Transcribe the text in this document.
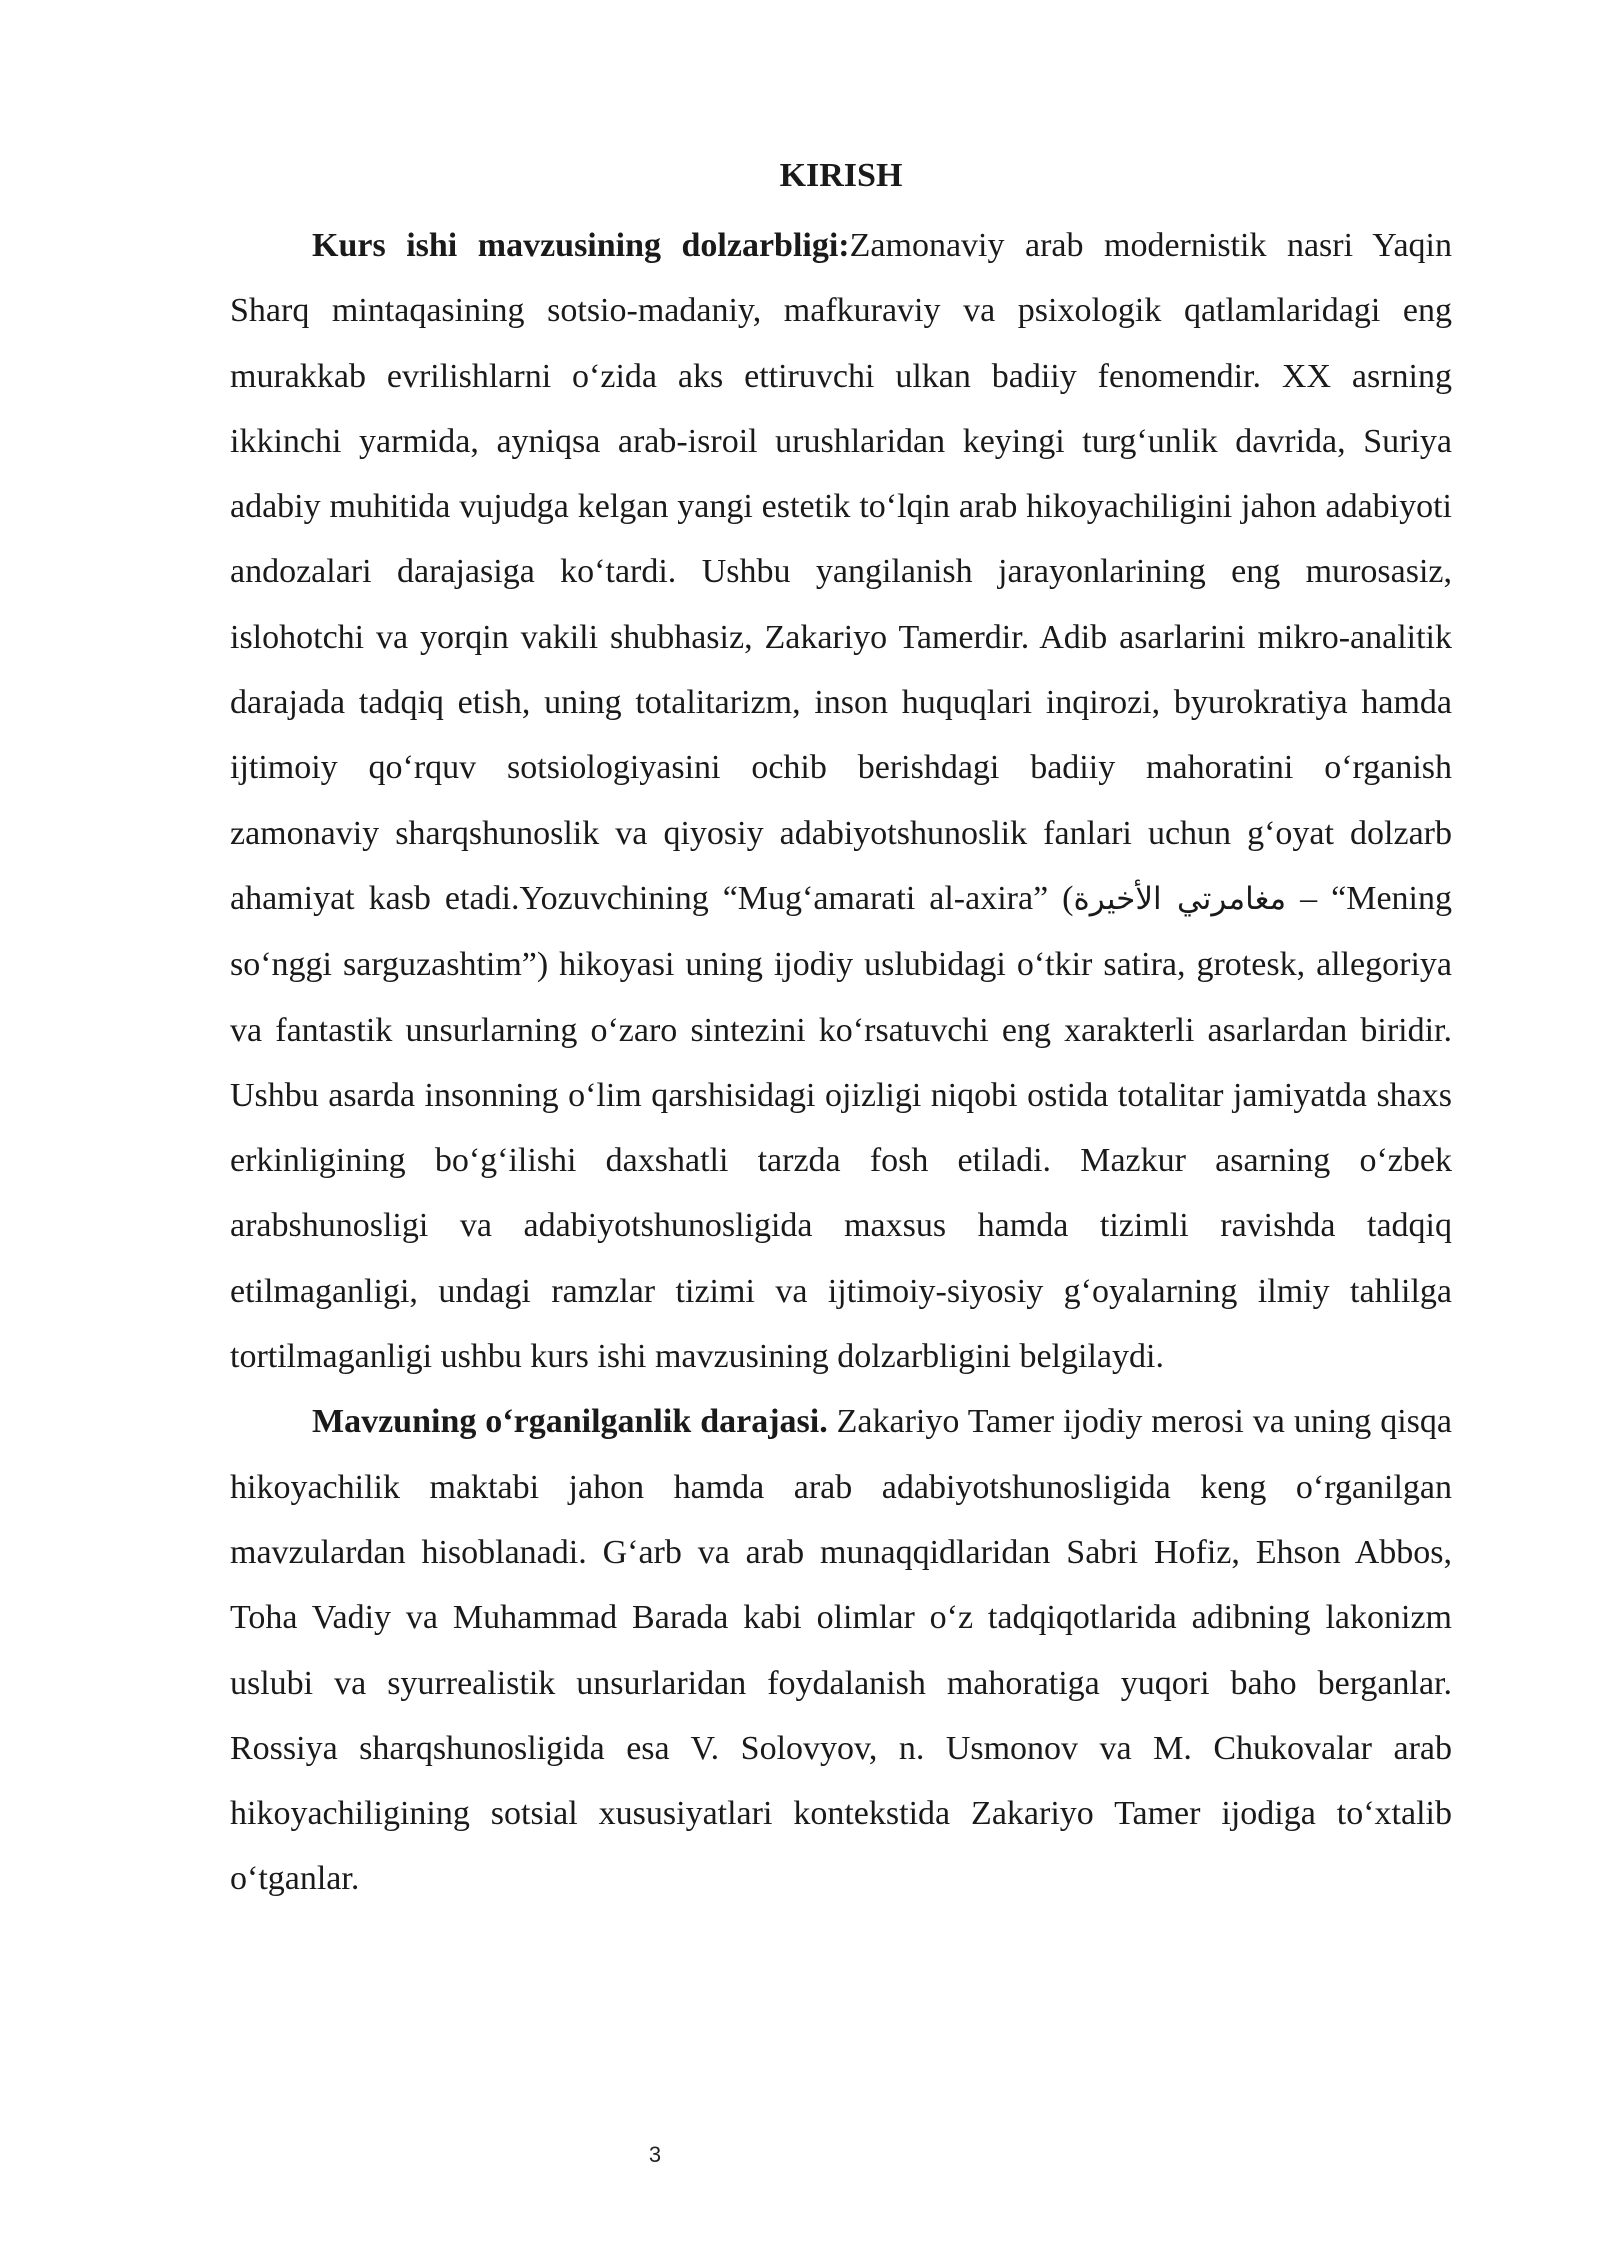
KIRISH

Kurs ishi mavzusining dolzarbligi:Zamonaviy arab modernistik nasri Yaqin Sharq mintaqasining sotsio-madaniy, mafkuraviy va psixologik qatlamlaridagi eng murakkab evrilishlarni o‘zida aks ettiruvchi ulkan badiiy fenomendir. XX asrning ikkinchi yarmida, ayniqsa arab-isroil urushlaridan keyingi turg‘unlik davrida, Suriya adabiy muhitida vujudga kelgan yangi estetik to‘lqin arab hikoyachiligini jahon adabiyoti andozalari darajasiga ko‘tardi. Ushbu yangilanish jarayonlarining eng murosasiz, islohotchi va yorqin vakili shubhasiz, Zakariyo Tamerdir. Adib asarlarini mikro-analitik darajada tadqiq etish, uning totalitarizm, inson huquqlari inqirozi, byurokratiya hamda ijtimoiy qo‘rquv sotsiologiyasini ochib berishdagi badiiy mahoratini o‘rganish zamonaviy sharqshunoslik va qiyosiy adabiyotshunoslik fanlari uchun g‘oyat dolzarb ahamiyat kasb etadi.Yozuvchining “Mug‘amarati al-axira” (مغامرتي الأخيرة – “Mening so‘nggi sarguzashtim”) hikoyasi uning ijodiy uslubidagi o‘tkir satira, grotesk, allegoriya va fantastik unsurlarning o‘zaro sintezini ko‘rsatuvchi eng xarakterli asarlardan biridir. Ushbu asarda insonning o‘lim qarshisidagi ojizligi niqobi ostida totalitar jamiyatda shaxs erkinligining bo‘g‘ilishi daxshatli tarzda fosh etiladi. Mazkur asarning o‘zbek arabshunosligi va adabiyotshunosligida maxsus hamda tizimli ravishda tadqiq etilmaganligi, undagi ramzlar tizimi va ijtimoiy-siyosiy g‘oyalarning ilmiy tahlilga tortilmaganligi ushbu kurs ishi mavzusining dolzarbligini belgilaydi.

Mavzuning o‘rganilganlik darajasi. Zakariyo Tamer ijodiy merosi va uning qisqa hikoyachilik maktabi jahon hamda arab adabiyotshunosligida keng o‘rganilgan mavzulardan hisoblanadi. G‘arb va arab munaqqidlaridan Sabri Hofiz, Ehson Abbos, Toha Vadiy va Muhammad Barada kabi olimlar o‘z tadqiqotlarida adibning lakonizm uslubi va syurrealistik unsurlaridan foydalanish mahoratiga yuqori baho berganlar. Rossiya sharqshunosligida esa V. Solovyov, n. Usmonov va M. Chukovalar arab hikoyachiligining sotsial xususiyatlari kontekstida Zakariyo Tamer ijodiga to‘xtalib o‘tganlar.

3
